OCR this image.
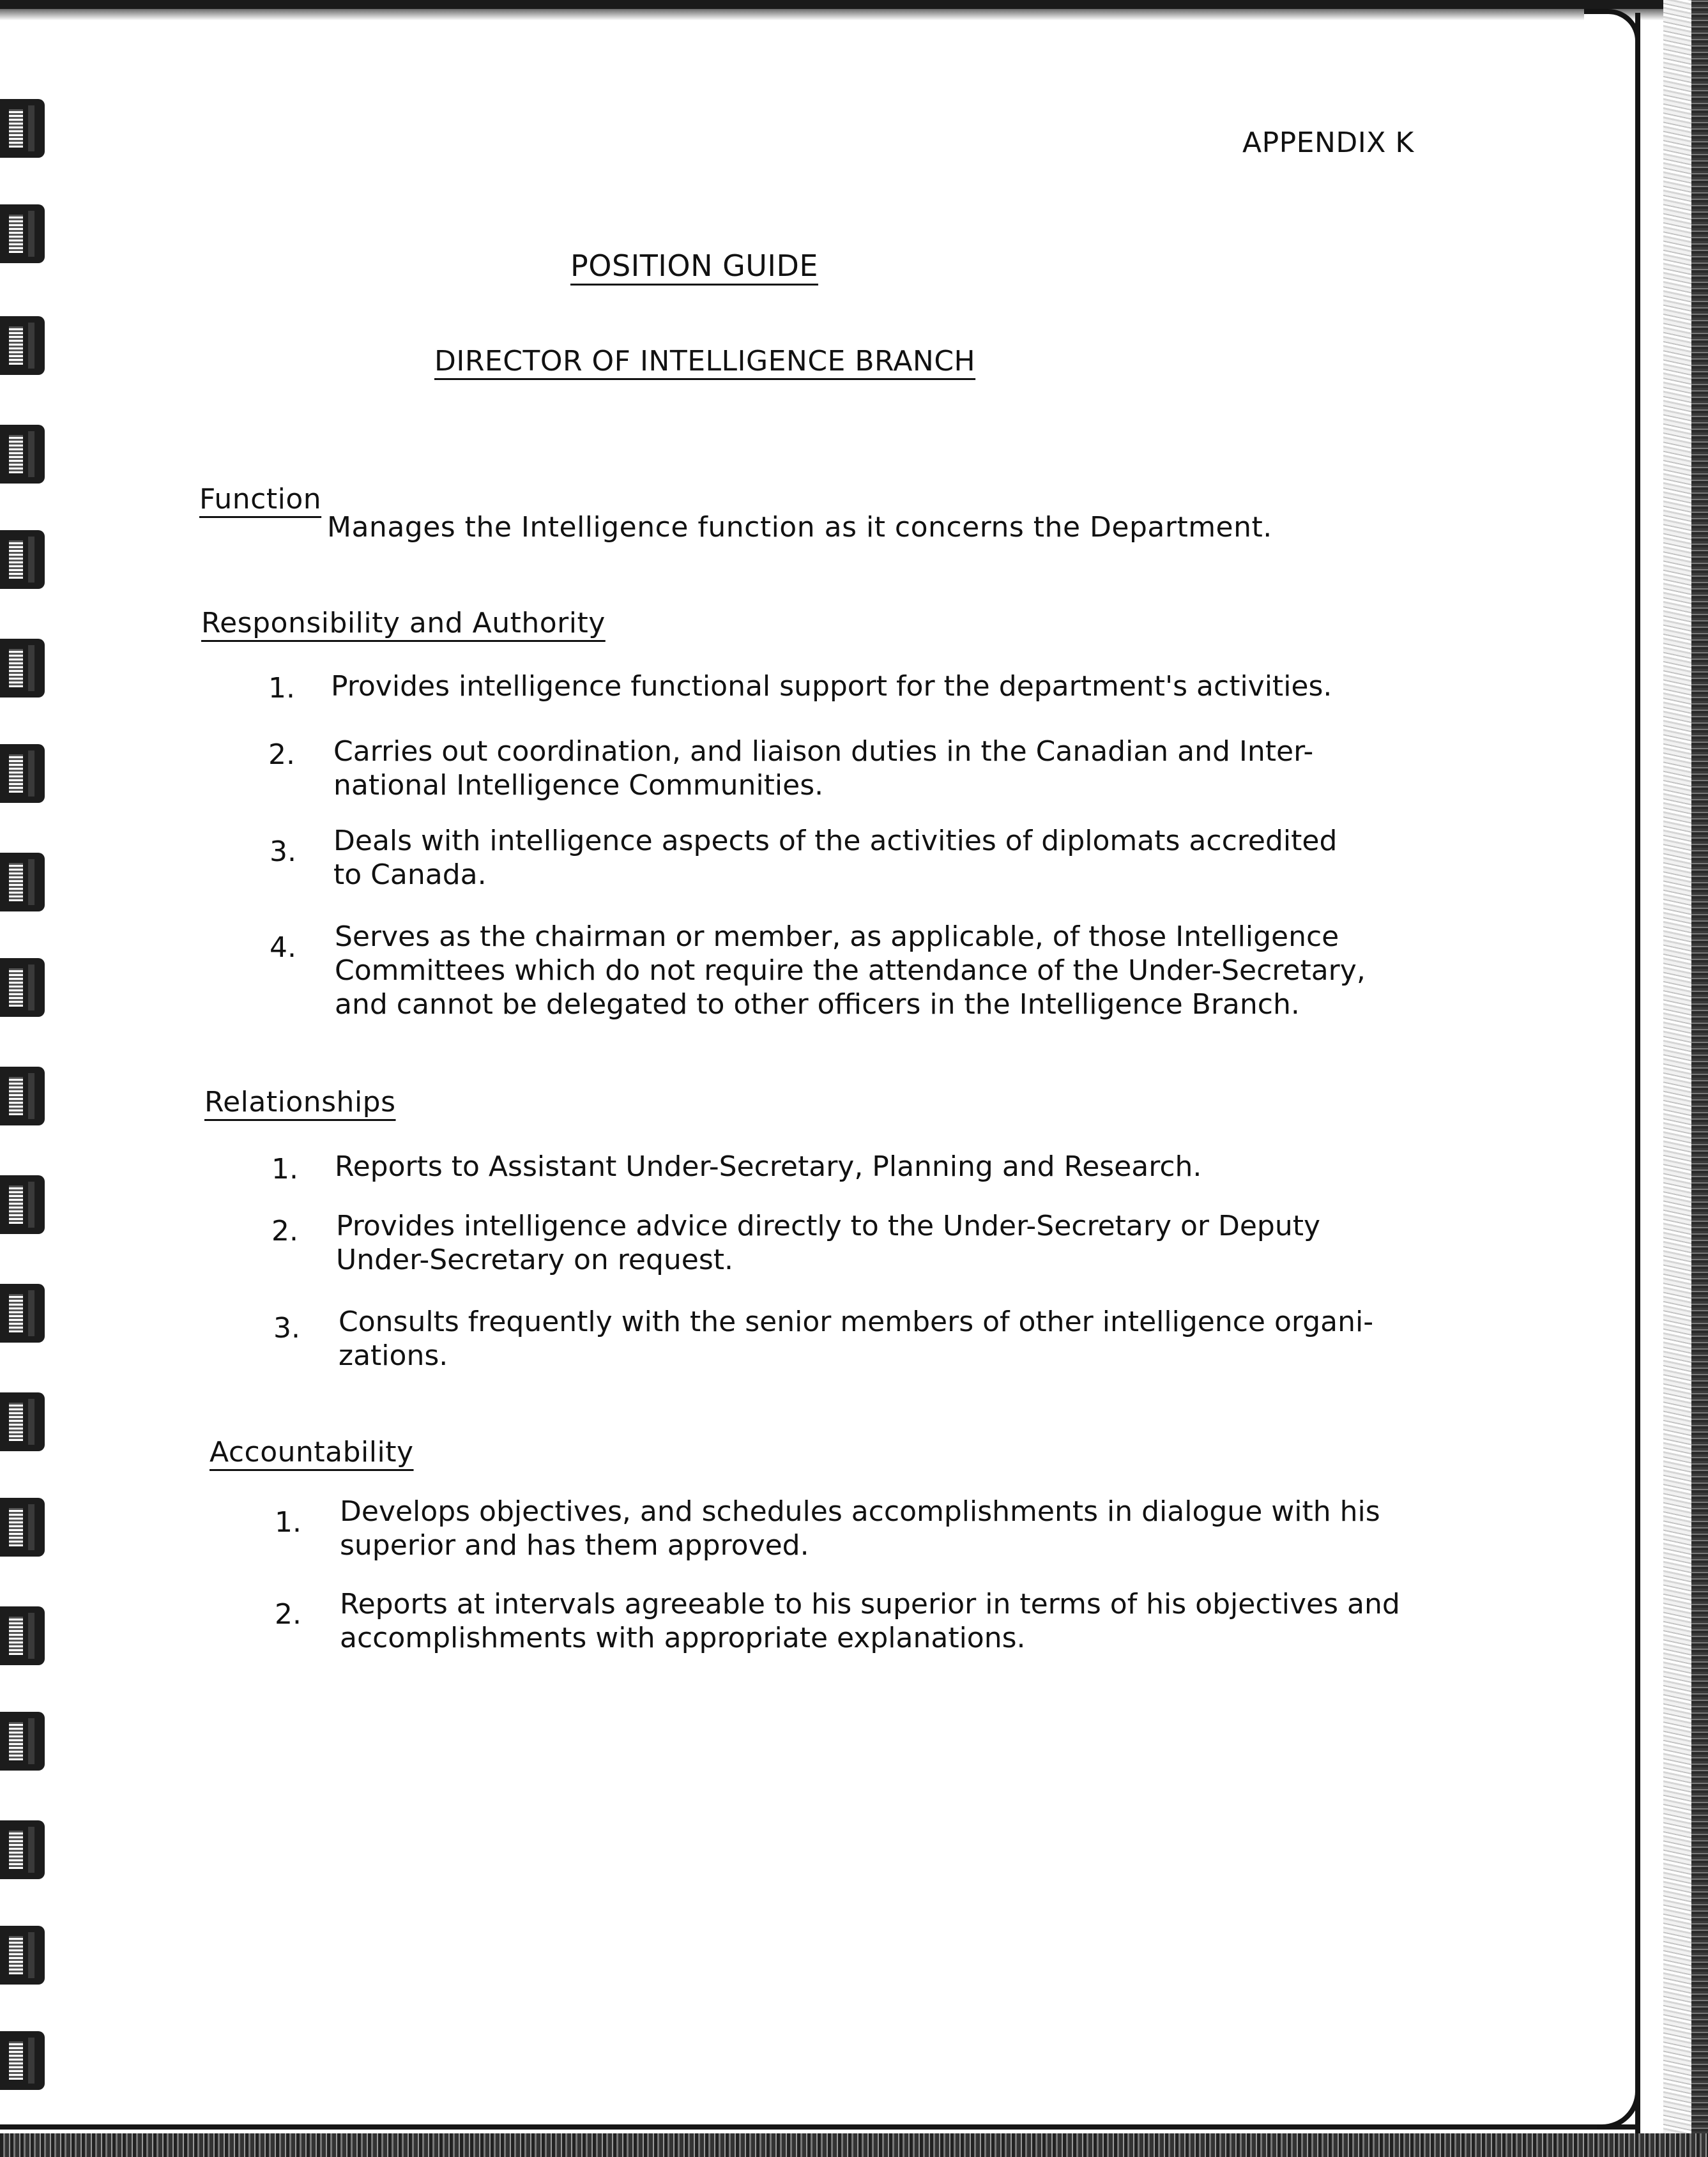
APPENDIX K
POSITION GUIDE
DIRECTOR OF INTELLIGENCE BRANCH
Function
Manages the Intelligence function as it concerns the Department.
Responsibility and Authority
1. Provides intelligence functional support for the department's activities.
2. Carries out coordination, and liaison duties in the Canadian and Inter-
national Intelligence Communities.
3. Deals with intelligence aspects of the activities of diplomats accredited
to Canada.
4. Serves as the chairman or member, as applicable, of those Intelligence
Committees which do not require the attendance of the Under-Secretary,
and cannot be delegated to other officers in the Intelligence Branch.
Relationships
1. Reports to Assistant Under-Secretary, Planning and Research.
2. Provides intelligence advice directly to the Under-Secretary or Deputy
Under-Secretary on request.
3. Consults frequently with the senior members of other intelligence organi-
zations.
Accountability
1. Develops objectives, and schedules accomplishments in dialogue with his
superior and has them approved.
2. Reports at intervals agreeable to his superior in terms of his objectives and
accomplishments with appropriate explanations.
